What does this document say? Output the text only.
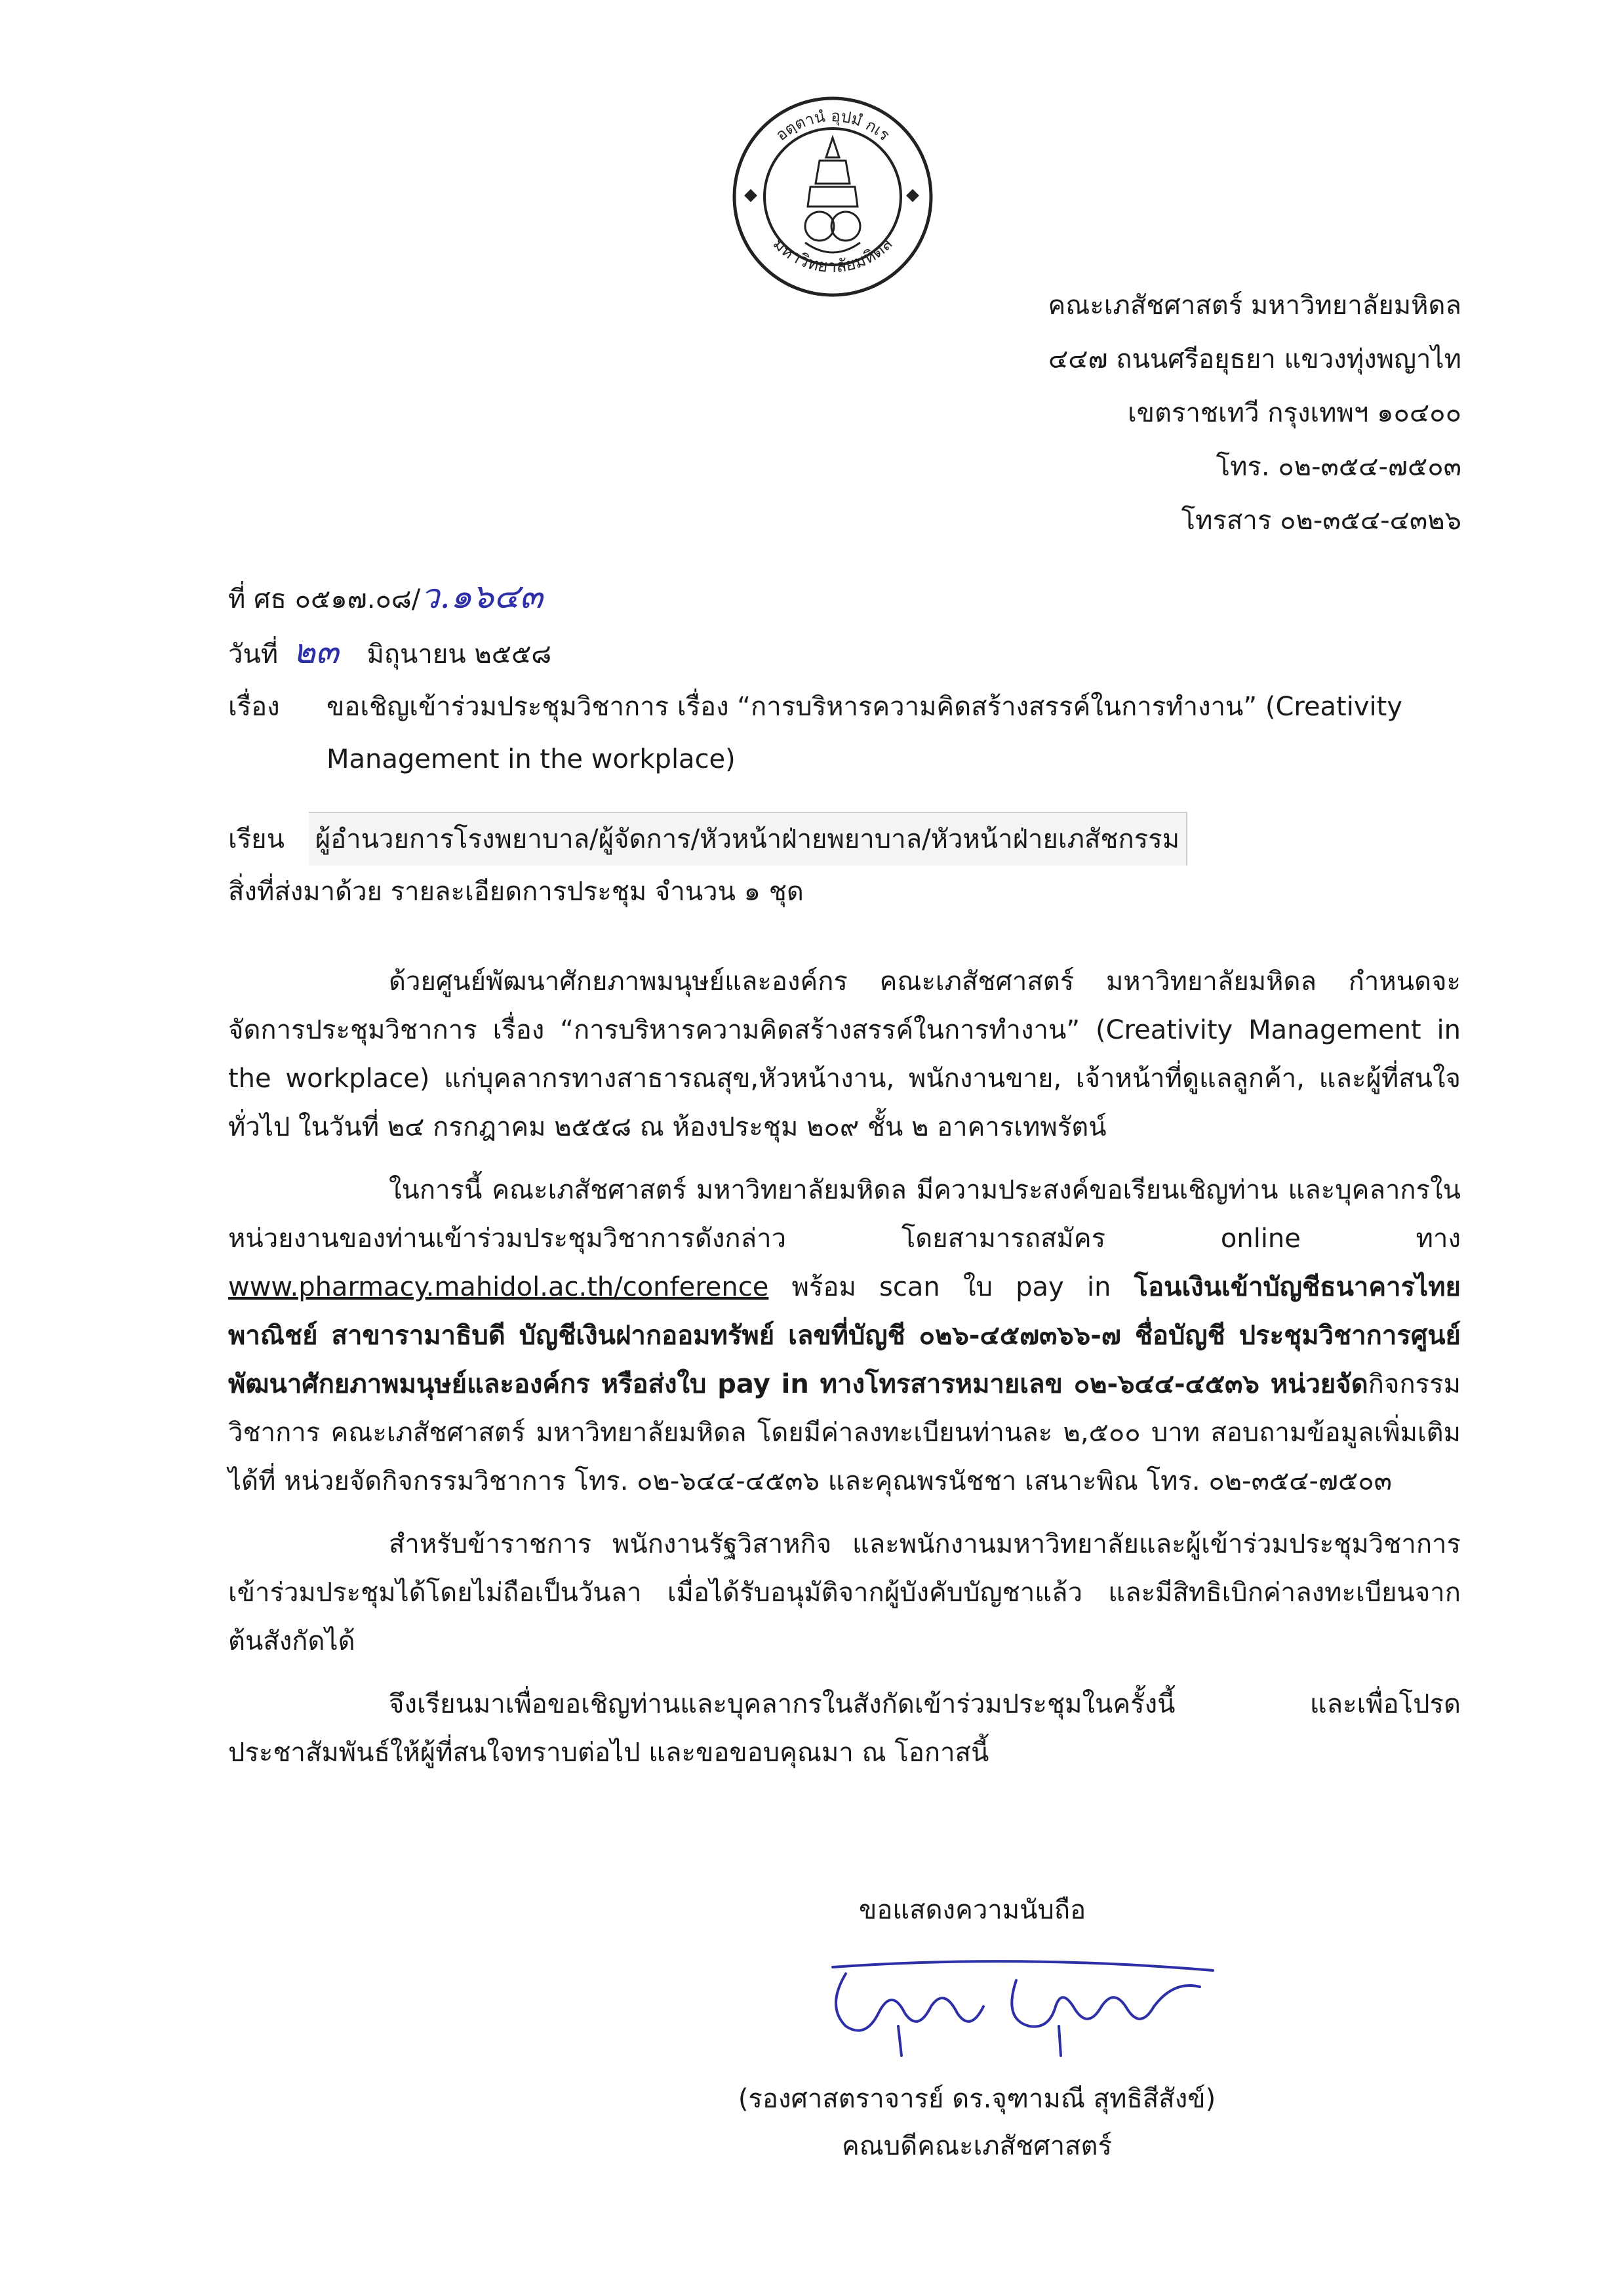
◆	◆
อตฺตานํ อุปมํ กเร
มหาวิทยาลัยมหิดล
คณะเภสัชศาสตร์ มหาวิทยาลัยมหิดล
๔๔๗ ถนนศรีอยุธยา แขวงทุ่งพญาไท
เขตราชเทวี กรุงเทพฯ ๑๐๔๐๐
โทร. ๐๒-๓๕๔-๗๕๐๓
โทรสาร ๐๒-๓๕๔-๔๓๒๖
ที่ ศธ ๐๕๑๗.๐๘/ว.๑๖๔๓
วันที่ ๒๓ มิถุนายน ๒๕๕๘
เรื่อง ขอเชิญเข้าร่วมประชุมวิชาการ เรื่อง “การบริหารความคิดสร้างสรรค์ในการทำงาน” (Creativity Management in the workplace)
เรียน ผู้อำนวยการโรงพยาบาล/ผู้จัดการ/หัวหน้าฝ่ายพยาบาล/หัวหน้าฝ่ายเภสัชกรรม
สิ่งที่ส่งมาด้วย รายละเอียดการประชุม จำนวน ๑ ชุด

ด้วยศูนย์พัฒนาศักยภาพมนุษย์และองค์กร คณะเภสัชศาสตร์ มหาวิทยาลัยมหิดล กำหนดจะจัดการประชุมวิชาการ เรื่อง “การบริหารความคิดสร้างสรรค์ในการทำงาน” (Creativity Management in the workplace) แก่บุคลากรทางสาธารณสุข,หัวหน้างาน, พนักงานขาย, เจ้าหน้าที่ดูแลลูกค้า, และผู้ที่สนใจทั่วไป ในวันที่ ๒๔ กรกฎาคม ๒๕๕๘ ณ ห้องประชุม ๒๐๙ ชั้น ๒ อาคารเทพรัตน์

ในการนี้ คณะเภสัชศาสตร์ มหาวิทยาลัยมหิดล มีความประสงค์ขอเรียนเชิญท่าน และบุคลากรในหน่วยงานของท่านเข้าร่วมประชุมวิชาการดังกล่าว โดยสามารถสมัคร online ทาง www.pharmacy.mahidol.ac.th/conference พร้อม scan ใบ pay in โอนเงินเข้าบัญชีธนาคารไทยพาณิชย์ สาขารามาธิบดี บัญชีเงินฝากออมทรัพย์ เลขที่บัญชี ๐๒๖-๔๕๗๓๖๖-๗ ชื่อบัญชี ประชุมวิชาการศูนย์พัฒนาศักยภาพมนุษย์และองค์กร หรือส่งใบ pay in ทางโทรสารหมายเลข ๐๒-๖๔๔-๔๕๓๖ หน่วยจัดกิจกรรมวิชาการ คณะเภสัชศาสตร์ มหาวิทยาลัยมหิดล โดยมีค่าลงทะเบียนท่านละ ๒,๕๐๐ บาท สอบถามข้อมูลเพิ่มเติมได้ที่ หน่วยจัดกิจกรรมวิชาการ โทร. ๐๒-๖๔๔-๔๕๓๖ และคุณพรนัชชา เสนาะพิณ โทร. ๐๒-๓๕๔-๗๕๐๓

สำหรับข้าราชการ พนักงานรัฐวิสาหกิจ และพนักงานมหาวิทยาลัยและผู้เข้าร่วมประชุมวิชาการ เข้าร่วมประชุมได้โดยไม่ถือเป็นวันลา เมื่อได้รับอนุมัติจากผู้บังคับบัญชาแล้ว และมีสิทธิเบิกค่าลงทะเบียนจากต้นสังกัดได้

จึงเรียนมาเพื่อขอเชิญท่านและบุคลากรในสังกัดเข้าร่วมประชุมในครั้งนี้ และเพื่อโปรด ประชาสัมพันธ์ให้ผู้ที่สนใจทราบต่อไป และขอขอบคุณมา ณ โอกาสนี้

ขอแสดงความนับถือ
(รองศาสตราจารย์ ดร.จุฑามณี สุทธิสีสังข์)
คณบดีคณะเภสัชศาสตร์
